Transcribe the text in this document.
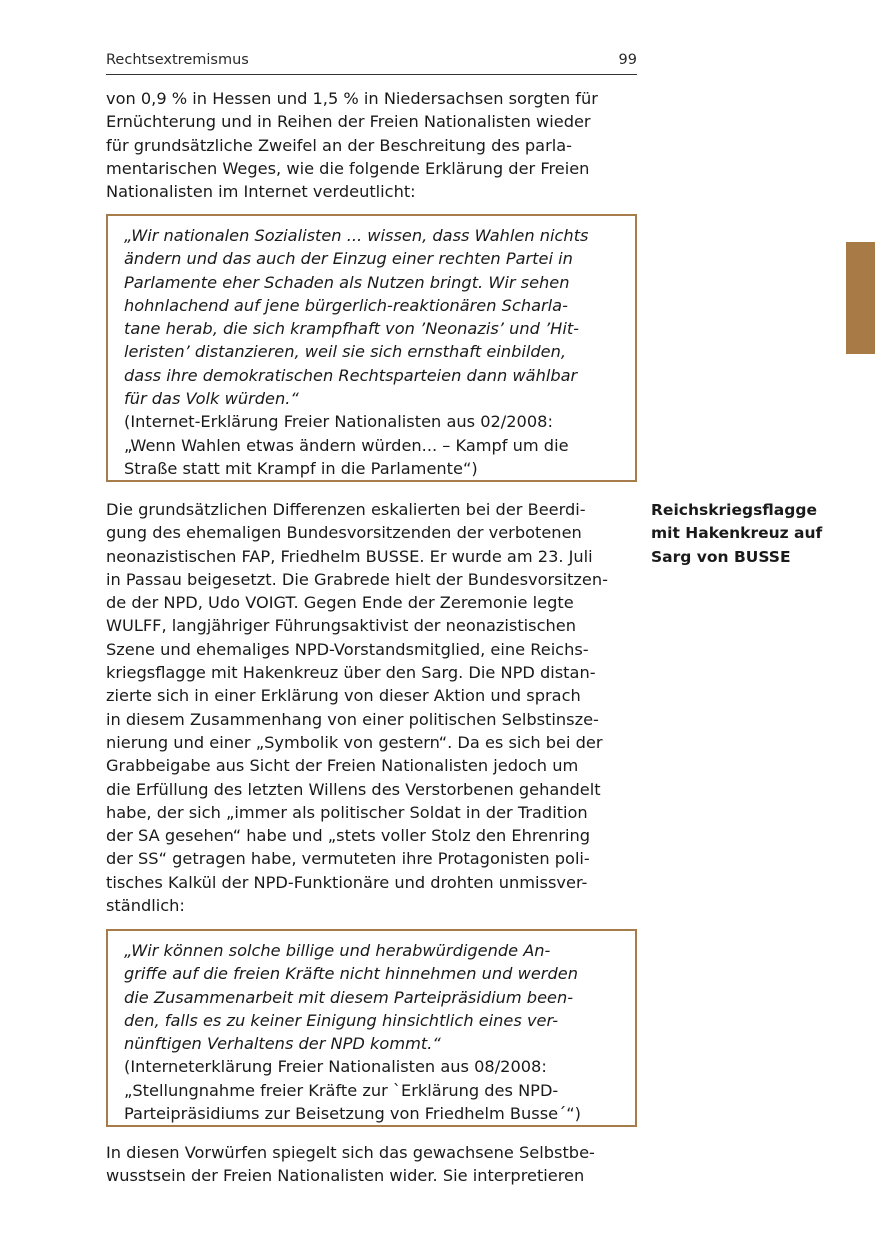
Rechtsextremismus	99

von 0,9 % in Hessen und 1,5 % in Niedersachsen sorgten für
Ernüchterung und in Reihen der Freien Nationalisten wieder
für grundsätzliche Zweifel an der Beschreitung des parla-
mentarischen Weges, wie die folgende Erklärung der Freien
Nationalisten im Internet verdeutlicht:

„Wir nationalen Sozialisten ... wissen, dass Wahlen nichts
ändern und das auch der Einzug einer rechten Partei in
Parlamente eher Schaden als Nutzen bringt. Wir sehen
hohnlachend auf jene bürgerlich-reaktionären Scharla-
tane herab, die sich krampfhaft von ’Neonazis’ und ’Hit-
leristen’ distanzieren, weil sie sich ernsthaft einbilden,
dass ihre demokratischen Rechtsparteien dann wählbar
für das Volk würden.“
(Internet-Erklärung Freier Nationalisten aus 02/2008:
„Wenn Wahlen etwas ändern würden... – Kampf um die
Straße statt mit Krampf in die Parlamente“)
Reichskriegsflagge
mit Hakenkreuz auf
Sarg von BUSSE

Die grundsätzlichen Differenzen eskalierten bei der Beerdi-
gung des ehemaligen Bundesvorsitzenden der verbotenen
neonazistischen FAP, Friedhelm BUSSE. Er wurde am 23. Juli
in Passau beigesetzt. Die Grabrede hielt der Bundesvorsitzen-
de der NPD, Udo VOIGT. Gegen Ende der Zeremonie legte
WULFF, langjähriger Führungsaktivist der neonazistischen
Szene und ehemaliges NPD-Vorstandsmitglied, eine Reichs-
kriegsflagge mit Hakenkreuz über den Sarg. Die NPD distan-
zierte sich in einer Erklärung von dieser Aktion und sprach
in diesem Zusammenhang von einer politischen Selbstinsze-
nierung und einer „Symbolik von gestern“. Da es sich bei der
Grabbeigabe aus Sicht der Freien Nationalisten jedoch um
die Erfüllung des letzten Willens des Verstorbenen gehandelt
habe, der sich „immer als politischer Soldat in der Tradition
der SA gesehen“ habe und „stets voller Stolz den Ehrenring
der SS“ getragen habe, vermuteten ihre Protagonisten poli-
tisches Kalkül der NPD-Funktionäre und drohten unmissver-
ständlich:

„Wir können solche billige und herabwürdigende An-
griffe auf die freien Kräfte nicht hinnehmen und werden
die Zusammenarbeit mit diesem Parteipräsidium been-
den, falls es zu keiner Einigung hinsichtlich eines ver-
nünftigen Verhaltens der NPD kommt.“
(Interneterklärung Freier Nationalisten aus 08/2008:
„Stellungnahme freier Kräfte zur `Erklärung des NPD-
Parteipräsidiums zur Beisetzung von Friedhelm Busse´“)

In diesen Vorwürfen spiegelt sich das gewachsene Selbstbe-
wusstsein der Freien Nationalisten wider. Sie interpretieren
